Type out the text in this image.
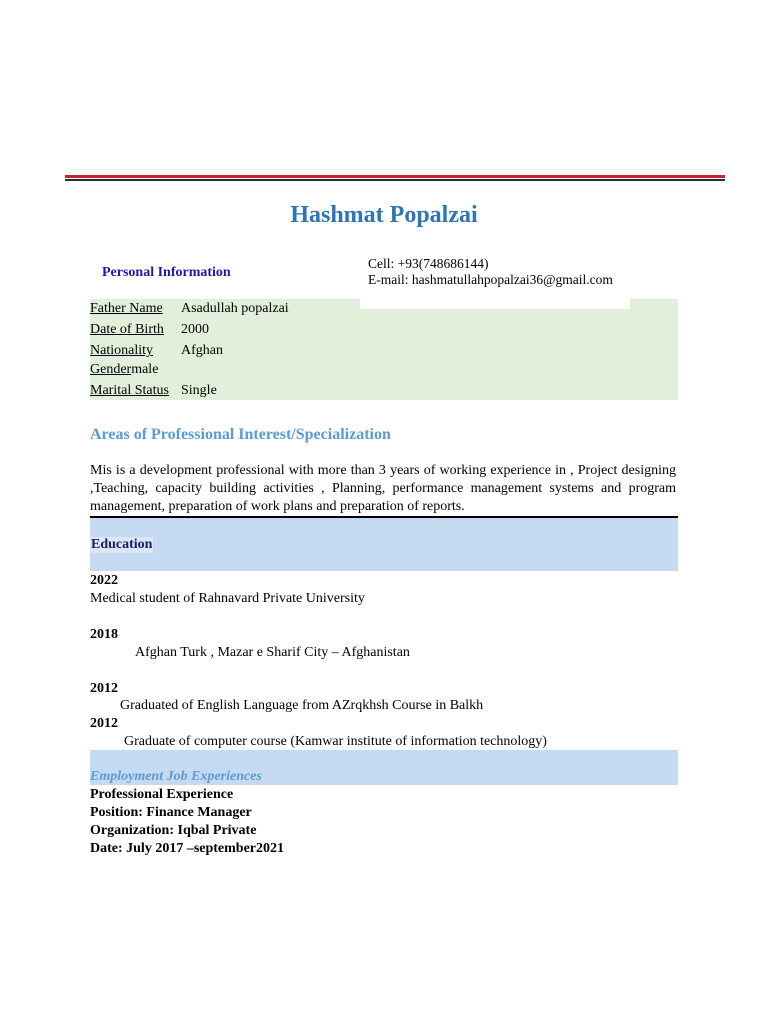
Hashmat Popalzai
Personal Information
Cell: +93(748686144)
E-mail: hashmatullahpopalzai36@gmail.com
Father Name Asadullah popalzai
Date of Birth 2000
Nationality Afghan
Gendermale
Marital Status Single
Areas of Professional Interest/Specialization
Mis is a development professional with more than 3 years of working experience in , Project designing ,Teaching, capacity building activities , Planning, performance management systems and program management, preparation of work plans and preparation of reports.
Education
2022
Medical student of Rahnavard Private University
2018
Afghan Turk , Mazar e Sharif City – Afghanistan
2012
Graduated of English Language from AZrqkhsh Course in Balkh
2012
Graduate of computer course (Kamwar institute of information technology)
Employment Job Experiences
Professional Experience
Position: Finance Manager
Organization: Iqbal Private
Date: July 2017 –september2021
